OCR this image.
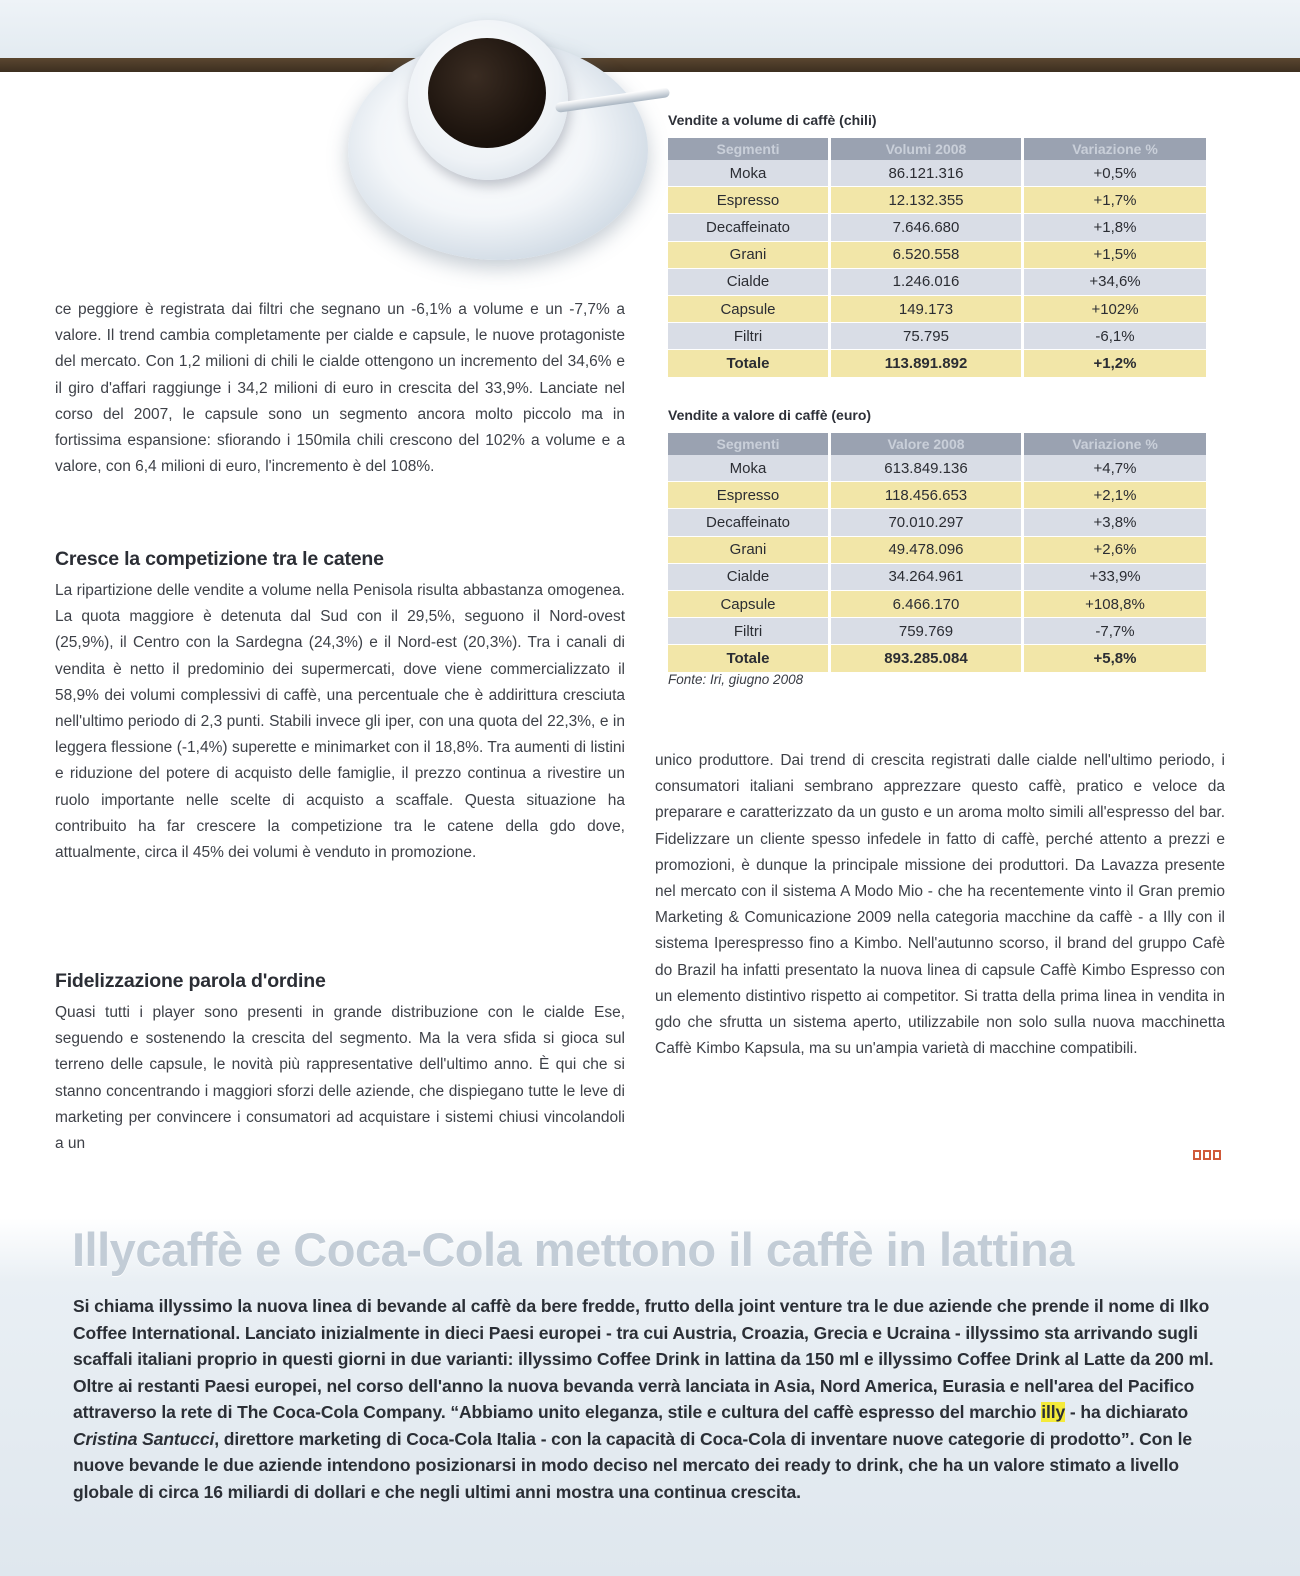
ce peggiore è registrata dai filtri che segnano un -6,1% a volume e un -7,7% a valore. Il trend cambia completamente per cialde e capsule, le nuove protagoniste del mercato. Con 1,2 milioni di chili le cialde ottengono un incremento del 34,6% e il giro d'affari raggiunge i 34,2 milioni di euro in crescita del 33,9%. Lanciate nel corso del 2007, le capsule sono un segmento ancora molto piccolo ma in fortissima espansione: sfiorando i 150mila chili crescono del 102% a volume e a valore, con 6,4 milioni di euro, l'incremento è del 108%.

Cresce la competizione tra le catene

La ripartizione delle vendite a volume nella Penisola risulta abbastanza omogenea. La quota maggiore è detenuta dal Sud con il 29,5%, seguono il Nord-ovest (25,9%), il Centro con la Sardegna (24,3%) e il Nord-est (20,3%). Tra i canali di vendita è netto il predominio dei supermercati, dove viene commercializzato il 58,9% dei volumi complessivi di caffè, una percentuale che è addirittura cresciuta nell'ultimo periodo di 2,3 punti. Stabili invece gli iper, con una quota del 22,3%, e in leggera flessione (-1,4%) superette e minimarket con il 18,8%. Tra aumenti di listini e riduzione del potere di acquisto delle famiglie, il prezzo continua a rivestire un ruolo importante nelle scelte di acquisto a scaffale. Questa situazione ha contribuito ha far crescere la competizione tra le catene della gdo dove, attualmente, circa il 45% dei volumi è venduto in promozione.

Fidelizzazione parola d'ordine

Quasi tutti i player sono presenti in grande distribuzione con le cialde Ese, seguendo e sostenendo la crescita del segmento. Ma la vera sfida si gioca sul terreno delle capsule, le novità più rappresentative dell'ultimo anno. È qui che si stanno concentrando i maggiori sforzi delle aziende, che dispiegano tutte le leve di marketing per convincere i consumatori ad acquistare i sistemi chiusi vincolandoli a un

unico produttore. Dai trend di crescita registrati dalle cialde nell'ultimo periodo, i consumatori italiani sembrano apprezzare questo caffè, pratico e veloce da preparare e caratterizzato da un gusto e un aroma molto simili all'espresso del bar. Fidelizzare un cliente spesso infedele in fatto di caffè, perché attento a prezzi e promozioni, è dunque la principale missione dei produttori. Da Lavazza presente nel mercato con il sistema A Modo Mio - che ha recentemente vinto il Gran premio Marketing & Comunicazione 2009 nella categoria macchine da caffè - a Illy con il sistema Iperespresso fino a Kimbo. Nell'autunno scorso, il brand del gruppo Cafè do Brazil ha infatti presentato la nuova linea di capsule Caffè Kimbo Espresso con un elemento distintivo rispetto ai competitor. Si tratta della prima linea in vendita in gdo che sfrutta un sistema aperto, utilizzabile non solo sulla nuova macchinetta Caffè Kimbo Kapsula, ma su un'ampia varietà di macchine compatibili.

Vendite a volume di caffè (chili)
Segmenti	Volumi 2008	Variazione %
Moka	86.121.316	+0,5%
Espresso	12.132.355	+1,7%
Decaffeinato	7.646.680	+1,8%
Grani	6.520.558	+1,5%
Cialde	1.246.016	+34,6%
Capsule	149.173	+102%
Filtri	75.795	-6,1%
Totale	113.891.892	+1,2%
Vendite a valore di caffè (euro)
Segmenti	Valore 2008	Variazione %
Moka	613.849.136	+4,7%
Espresso	118.456.653	+2,1%
Decaffeinato	70.010.297	+3,8%
Grani	49.478.096	+2,6%
Cialde	34.264.961	+33,9%
Capsule	6.466.170	+108,8%
Filtri	759.769	-7,7%
Totale	893.285.084	+5,8%
Fonte: Iri, giugno 2008
Illycaffè e Coca-Cola mettono il caffè in lattina

Si chiama illyssimo la nuova linea di bevande al caffè da bere fredde, frutto della joint venture tra le due aziende che prende il nome di Ilko Coffee International. Lanciato inizialmente in dieci Paesi europei - tra cui Austria, Croazia, Grecia e Ucraina - illyssimo sta arrivando sugli scaffali italiani proprio in questi giorni in due varianti: illyssimo Coffee Drink in lattina da 150 ml e illyssimo Coffee Drink al Latte da 200 ml. Oltre ai restanti Paesi europei, nel corso dell'anno la nuova bevanda verrà lanciata in Asia, Nord America, Eurasia e nell'area del Pacifico attraverso la rete di The Coca-Cola Company. “Abbiamo unito eleganza, stile e cultura del caffè espresso del marchio illy - ha dichiarato Cristina Santucci, direttore marketing di Coca-Cola Italia - con la capacità di Coca-Cola di inventare nuove categorie di prodotto”. Con le nuove bevande le due aziende intendono posizionarsi in modo deciso nel mercato dei ready to drink, che ha un valore stimato a livello globale di circa 16 miliardi di dollari e che negli ultimi anni mostra una continua crescita.
